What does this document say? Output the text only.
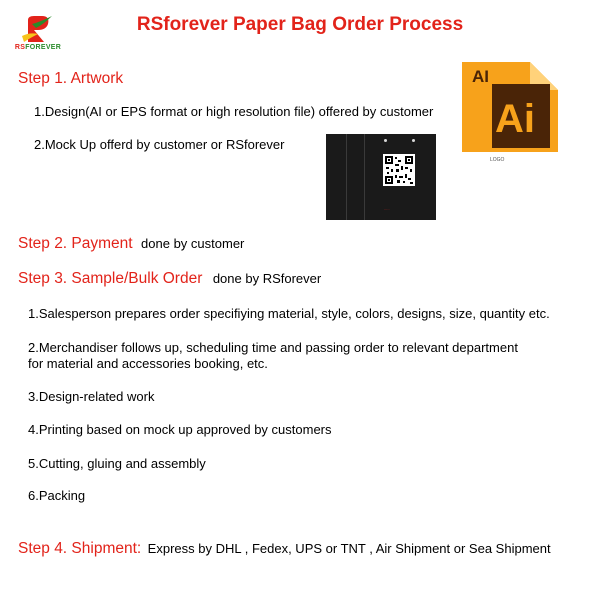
RSFOREVER
RSforever Paper Bag Order Process
Step 1. Artwork
1.Design(AI or EPS format or high resolution file) offered by customer
2.Mock Up offerd by customer or RSforever
AI
Ai
LOGO
.....
Step 2. Payment done by customer
Step 3. Sample/Bulk Order done by RSforever
1.Salesperson prepares order specifiying material, style, colors, designs, size, quantity etc.
2.Merchandiser follows up, scheduling time and passing order to relevant department
for material and accessories booking, etc.
3.Design-related work
4.Printing based on mock up approved by customers
5.Cutting, gluing and assembly
6.Packing
Step 4. Shipment: Express by DHL , Fedex, UPS or TNT , Air Shipment or Sea Shipment
